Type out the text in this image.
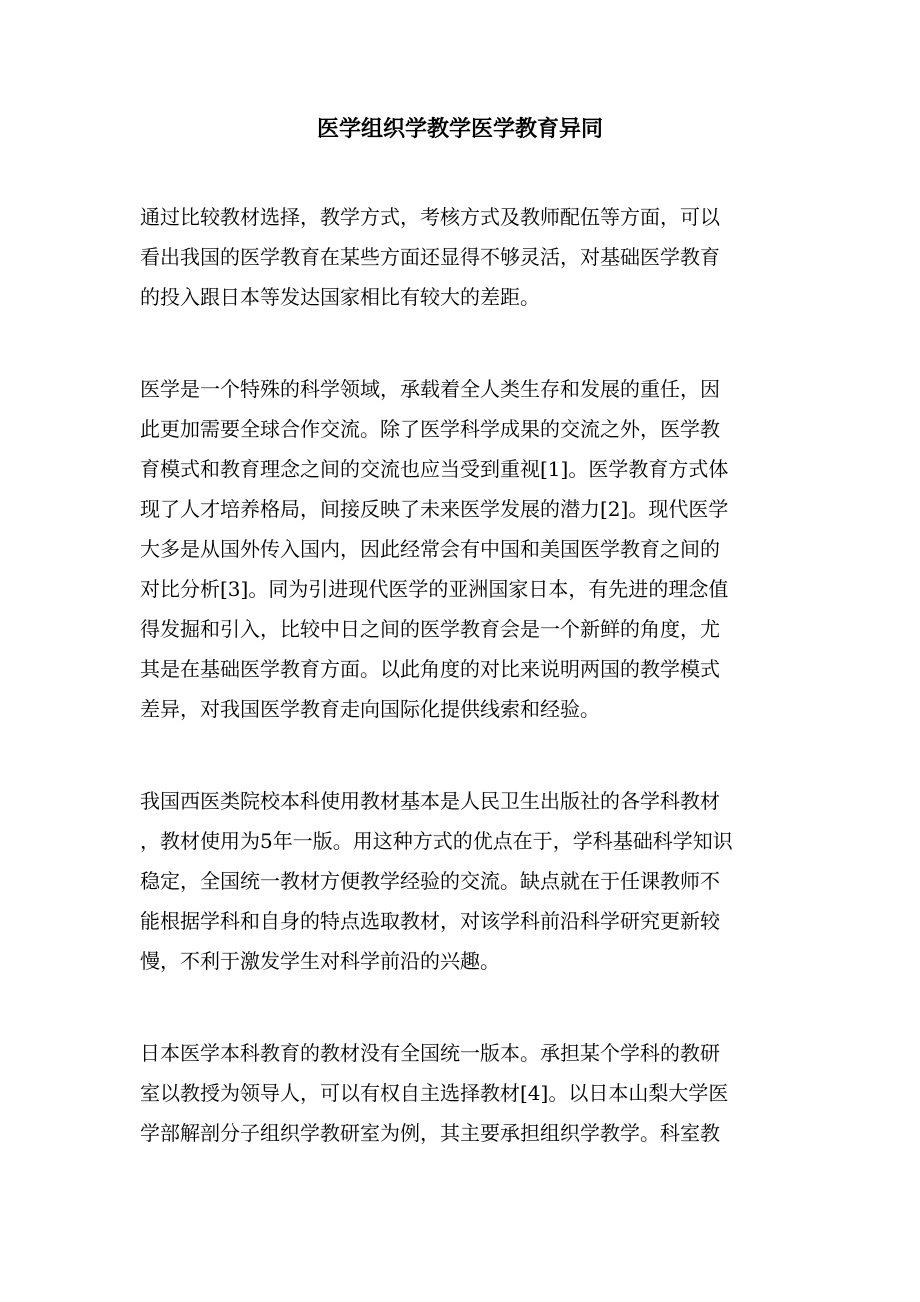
医学组织学教学医学教育异同

通过比较教材选择，教学方式，考核方式及教师配伍等方面，可以
看出我国的医学教育在某些方面还显得不够灵活，对基础医学教育
的投入跟日本等发达国家相比有较大的差距。

医学是一个特殊的科学领域，承载着全人类生存和发展的重任，因
此更加需要全球合作交流。除了医学科学成果的交流之外，医学教
育模式和教育理念之间的交流也应当受到重视[1]。医学教育方式体
现了人才培养格局，间接反映了未来医学发展的潜力[2]。现代医学
大多是从国外传入国内，因此经常会有中国和美国医学教育之间的
对比分析[3]。同为引进现代医学的亚洲国家日本，有先进的理念值
得发掘和引入，比较中日之间的医学教育会是一个新鲜的角度，尤
其是在基础医学教育方面。以此角度的对比来说明两国的教学模式
差异，对我国医学教育走向国际化提供线索和经验。

我国西医类院校本科使用教材基本是人民卫生出版社的各学科教材
，教材使用为5年一版。用这种方式的优点在于，学科基础科学知识
稳定，全国统一教材方便教学经验的交流。缺点就在于任课教师不
能根据学科和自身的特点选取教材，对该学科前沿科学研究更新较
慢，不利于激发学生对科学前沿的兴趣。

日本医学本科教育的教材没有全国统一版本。承担某个学科的教研
室以教授为领导人，可以有权自主选择教材[4]。以日本山梨大学医
学部解剖分子组织学教研室为例，其主要承担组织学教学。科室教
